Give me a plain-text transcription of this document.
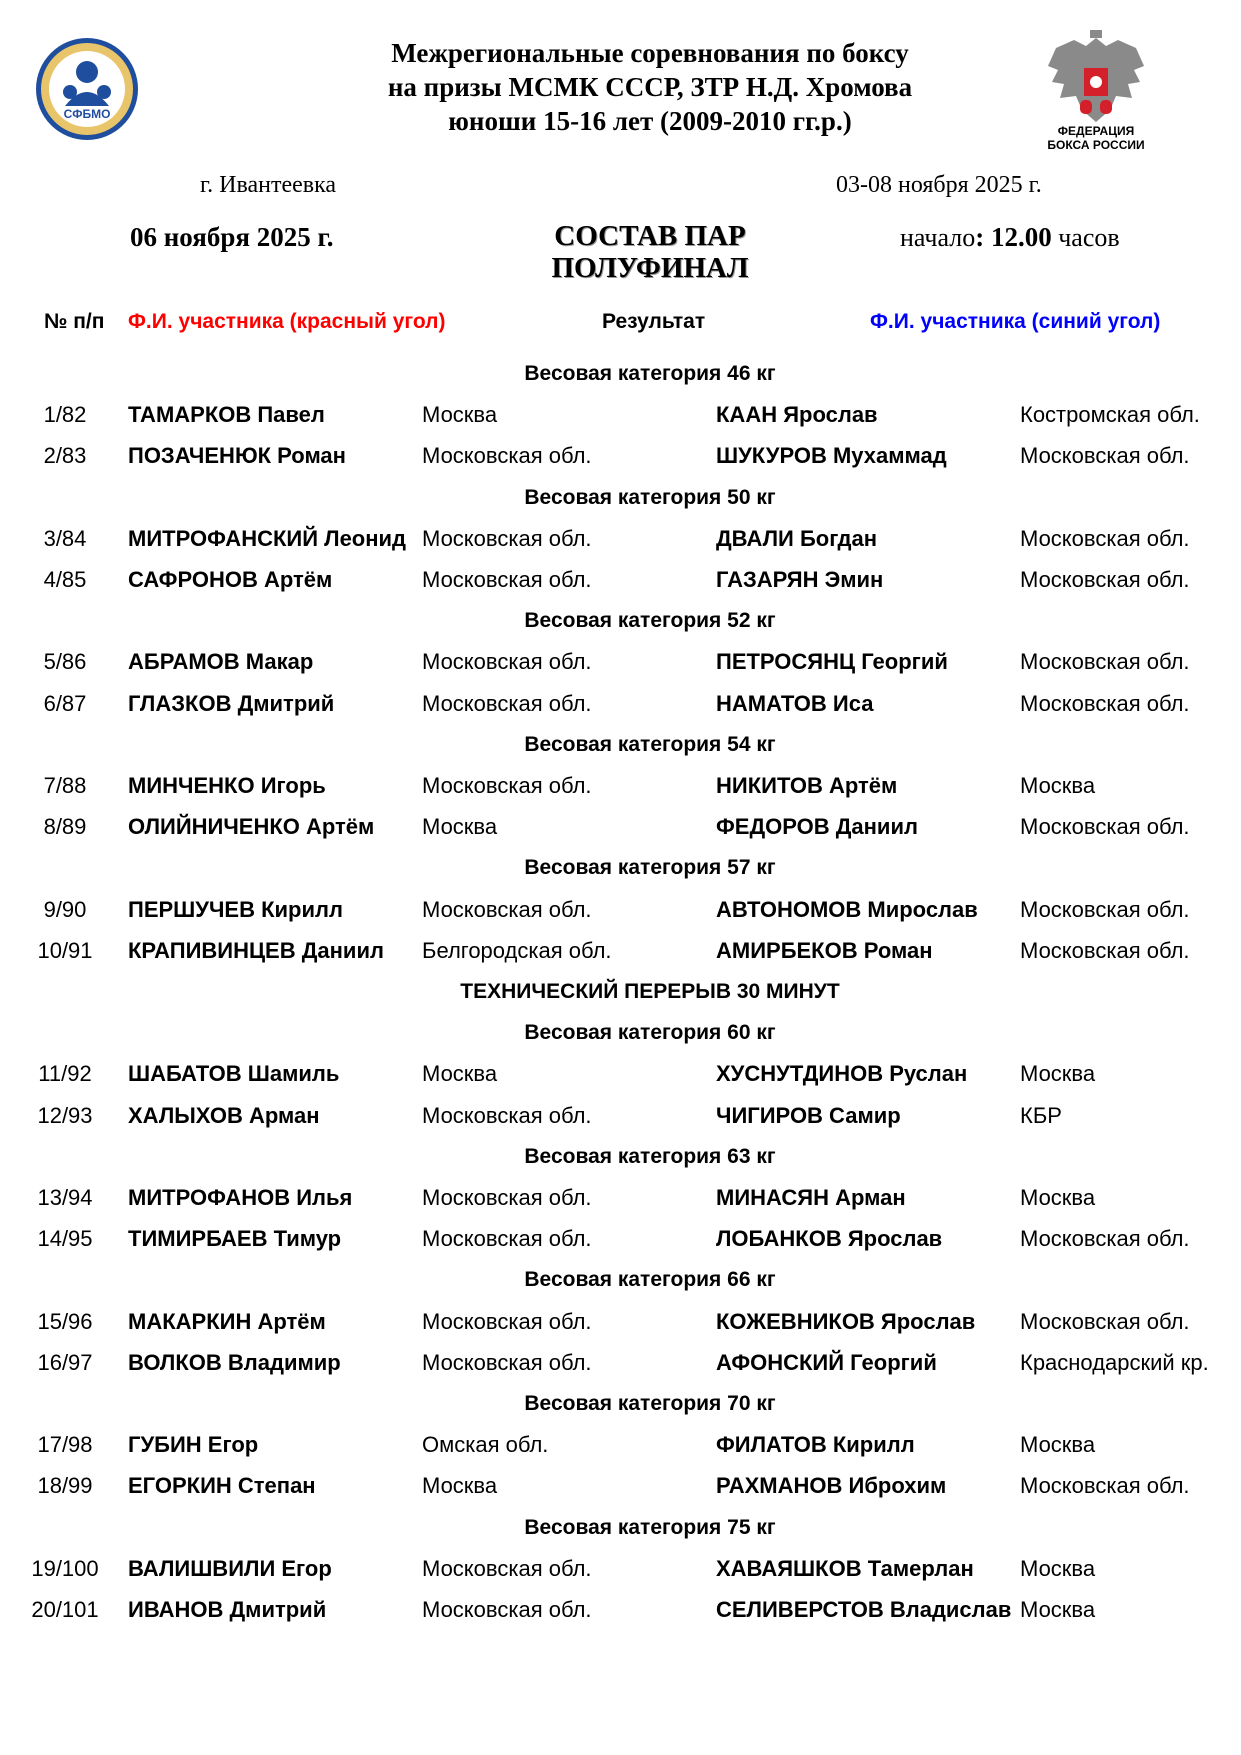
СФБМО
ФЕДЕРАЦИЯ
БОКСА РОССИИ
Межрегиональные соревнования по боксу
на призы МСМК СССР, ЗТР Н.Д. Хромова
юноши 15-16 лет (2009-2010 гг.р.)
г. Ивантеевка	03-08 ноября 2025 г.
06 ноября 2025 г.	СОСТАВ ПАР
ПОЛУФИНАЛ
начало: 12.00 часов
№ п/п Ф.И. участника (красный угол)	Результат	Ф.И. участника (синий угол)
Весовая категория 46 кг
1/82	ТАМАРКОВ Павел	Москва	КААН Ярослав	Костромская обл.
2/83	ПОЗАЧЕНЮК Роман	Московская обл.	ШУКУРОВ Мухаммад	Московская обл.
Весовая категория 50 кг
3/84	МИТРОФАНСКИЙ Леонид Московская обл.	ДВАЛИ Богдан	Московская обл.
4/85	САФРОНОВ Артём	Московская обл.	ГАЗАРЯН Эмин	Московская обл.
Весовая категория 52 кг
5/86	АБРАМОВ Макар	Московская обл.	ПЕТРОСЯНЦ Георгий	Московская обл.
6/87	ГЛАЗКОВ Дмитрий	Московская обл.	НАМАТОВ Иса	Московская обл.
Весовая категория 54 кг
7/88	МИНЧЕНКО Игорь	Московская обл.	НИКИТОВ Артём	Москва
8/89	ОЛИЙНИЧЕНКО Артём Москва	ФЕДОРОВ Даниил	Московская обл.
Весовая категория 57 кг
9/90	ПЕРШУЧЕВ Кирилл	Московская обл.	АВТОНОМОВ Мирослав Московская обл.
10/91	КРАПИВИНЦЕВ Даниил Белгородская обл.	АМИРБЕКОВ Роман	Московская обл.
ТЕХНИЧЕСКИЙ ПЕРЕРЫВ 30 МИНУТ
Весовая категория 60 кг
11/92	ШАБАТОВ Шамиль	Москва	ХУСНУТДИНОВ Руслан Москва
12/93	ХАЛЫХОВ Арман	Московская обл.	ЧИГИРОВ Самир	КБР
Весовая категория 63 кг
13/94	МИТРОФАНОВ Илья	Московская обл.	МИНАСЯН Арман	Москва
14/95	ТИМИРБАЕВ Тимур	Московская обл.	ЛОБАНКОВ Ярослав	Московская обл.
Весовая категория 66 кг
15/96	МАКАРКИН Артём	Московская обл.	КОЖЕВНИКОВ Ярослав Московская обл.
16/97	ВОЛКОВ Владимир	Московская обл.	АФОНСКИЙ Георгий	Краснодарский кр.
Весовая категория 70 кг
17/98	ГУБИН Егор	Омская обл.	ФИЛАТОВ Кирилл	Москва
18/99	ЕГОРКИН Степан	Москва	РАХМАНОВ Иброхим	Московская обл.
Весовая категория 75 кг
19/100 ВАЛИШВИЛИ Егор	Московская обл.	ХАВАЯШКОВ Тамерлан Москва
20/101 ИВАНОВ Дмитрий	Московская обл.	СЕЛИВЕРСТОВ Владислав Москва
